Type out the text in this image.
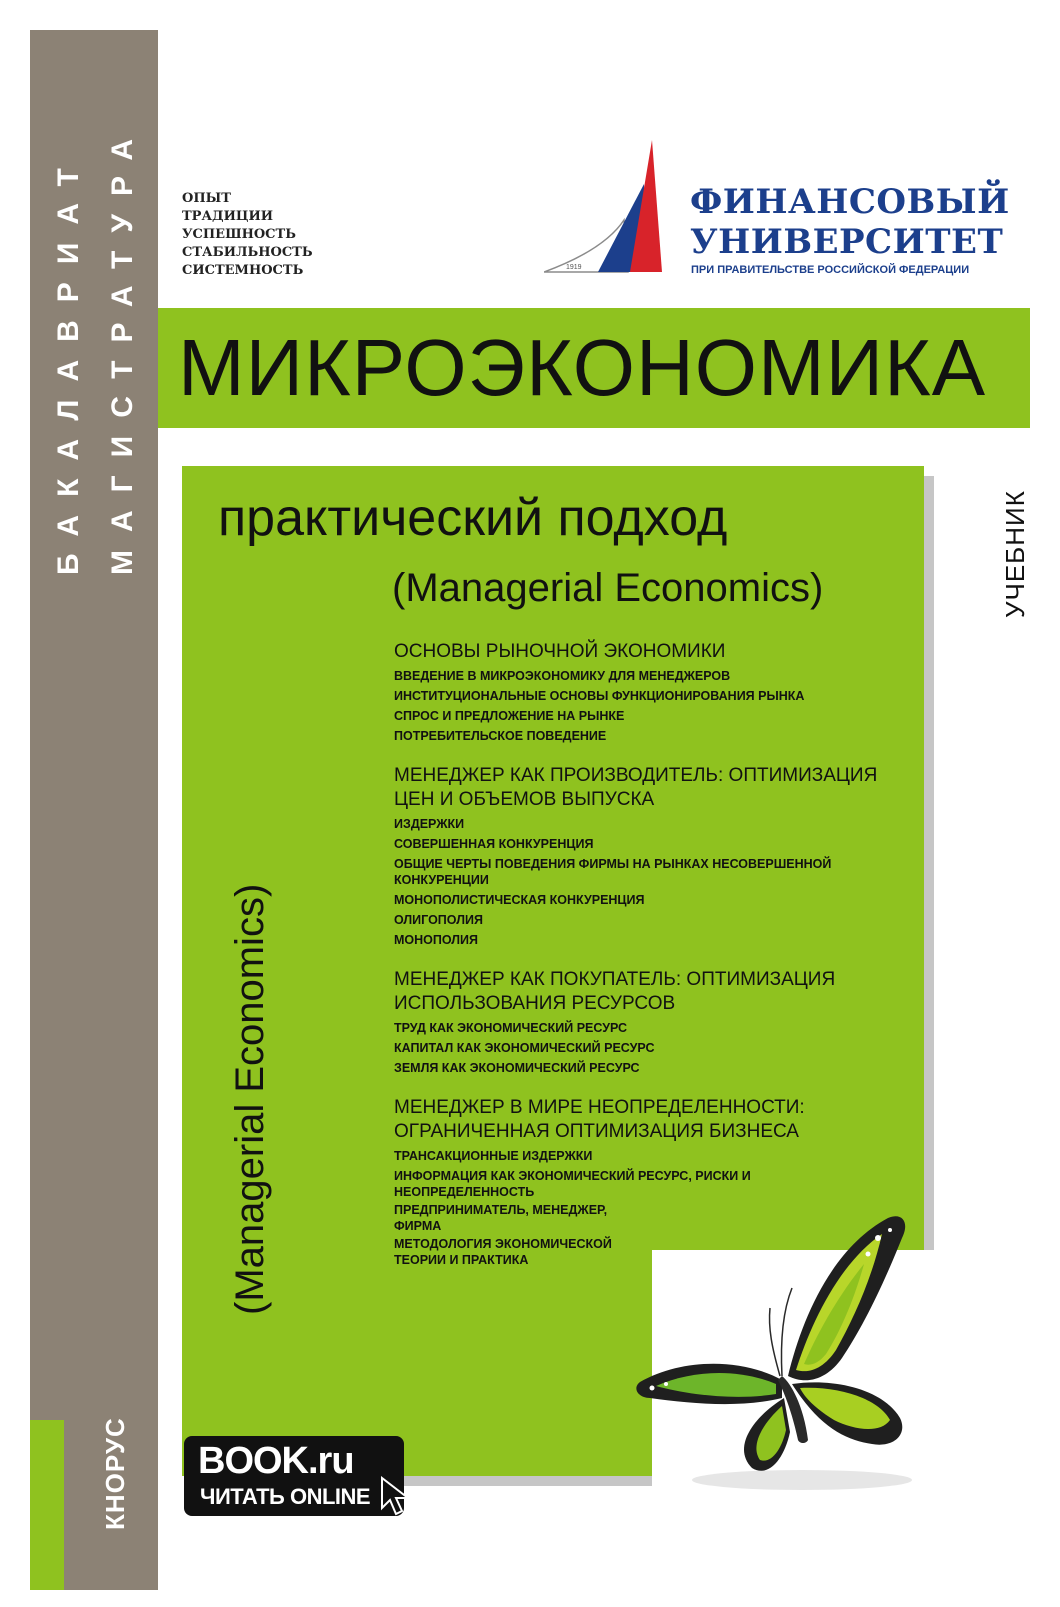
БАКАЛАВРИАТ МАГИСТРАТУРА
КНОРУС
ОПЫТ
ТРАДИЦИИ
УСПЕШНОСТЬ
СТАБИЛЬНОСТЬ
СИСТЕМНОСТЬ	1919
ФИНАНСОВЫЙ
УНИВЕРСИТЕТ
ПРИ ПРАВИТЕЛЬСТВЕ РОССИЙСКОЙ ФЕДЕРАЦИИ
МИКРОЭКОНОМИКА
практический подход
(Managerial Economics)
(Managerial Economics)
УЧЕБНИК

ОСНОВЫ РЫНОЧНОЙ ЭКОНОМИКИ

ВВЕДЕНИЕ В МИКРОЭКОНОМИКУ ДЛЯ МЕНЕДЖЕРОВ
ИНСТИТУЦИОНАЛЬНЫЕ ОСНОВЫ ФУНКЦИОНИРОВАНИЯ РЫНКА
СПРОС И ПРЕДЛОЖЕНИЕ НА РЫНКЕ
ПОТРЕБИТЕЛЬСКОЕ ПОВЕДЕНИЕ

МЕНЕДЖЕР КАК ПРОИЗВОДИТЕЛЬ: ОПТИМИЗАЦИЯ ЦЕН И ОБЪЕМОВ ВЫПУСКА

ИЗДЕРЖКИ
СОВЕРШЕННАЯ КОНКУРЕНЦИЯ
ОБЩИЕ ЧЕРТЫ ПОВЕДЕНИЯ ФИРМЫ НА РЫНКАХ НЕСОВЕРШЕННОЙ КОНКУРЕНЦИИ
МОНОПОЛИСТИЧЕСКАЯ КОНКУРЕНЦИЯ
ОЛИГОПОЛИЯ
МОНОПОЛИЯ

МЕНЕДЖЕР КАК ПОКУПАТЕЛЬ: ОПТИМИЗАЦИЯ ИСПОЛЬЗОВАНИЯ РЕСУРСОВ

ТРУД КАК ЭКОНОМИЧЕСКИЙ РЕСУРС
КАПИТАЛ КАК ЭКОНОМИЧЕСКИЙ РЕСУРС
ЗЕМЛЯ КАК ЭКОНОМИЧЕСКИЙ РЕСУРС

МЕНЕДЖЕР В МИРЕ НЕОПРЕДЕЛЕННОСТИ: ОГРАНИЧЕННАЯ ОПТИМИЗАЦИЯ БИЗНЕСА

ТРАНСАКЦИОННЫЕ ИЗДЕРЖКИ
ИНФОРМАЦИЯ КАК ЭКОНОМИЧЕСКИЙ РЕСУРС, РИСКИ И НЕОПРЕДЕЛЕННОСТЬ
ПРЕДПРИНИМАТЕЛЬ, МЕНЕДЖЕР, ФИРМА
МЕТОДОЛОГИЯ ЭКОНОМИЧЕСКОЙ ТЕОРИИ И ПРАКТИКА
BOOK.ru
ЧИТАТЬ ONLINE
